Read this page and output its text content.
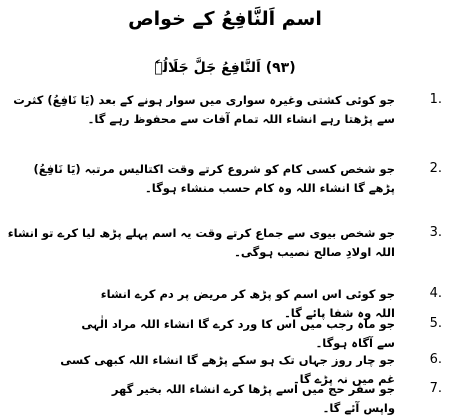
اسم اَلنَّافِعُ کے خواص
(۹۳) اَلنَّافِعُ جَلَّ جَلَالُہٗ
1.
جو کوئی کشتی وغیرہ سواری میں سوار ہونے کے بعد (یَا نَافِعُ) کثرت سے پڑھتا رہے انشاء اللہ تمام آفات سے محفوظ رہے گا۔
2.
جو شخص کسی کام کو شروع کرتے وقت اکتالیس مرتبہ (یَا نَافِعُ) پڑھے گا انشاء اللہ وہ کام حسب منشاء ہوگا۔
3.
جو شخص بیوی سے جماع کرتے وقت یہ اسم پہلے پڑھ لیا کرے تو انشاء اللہ اولادِ صالح نصیب ہوگی۔
4.
جو کوئی اس اسم کو پڑھ کر مریض پر دم کرے انشاء اللہ وہ شفا پائے گا۔
5.
جو ماہ رجب میں اس کا ورد کرے گا انشاء اللہ مراد الٰہی سے آگاہ ہوگا۔
6.
جو چار روز جہاں تک ہو سکے پڑھے گا انشاء اللہ کبھی کسی غم میں نہ پڑے گا۔
7.
جو سفر حج میں اسے پڑھا کرے انشاء اللہ بخیر گھر واپس آئے گا۔
